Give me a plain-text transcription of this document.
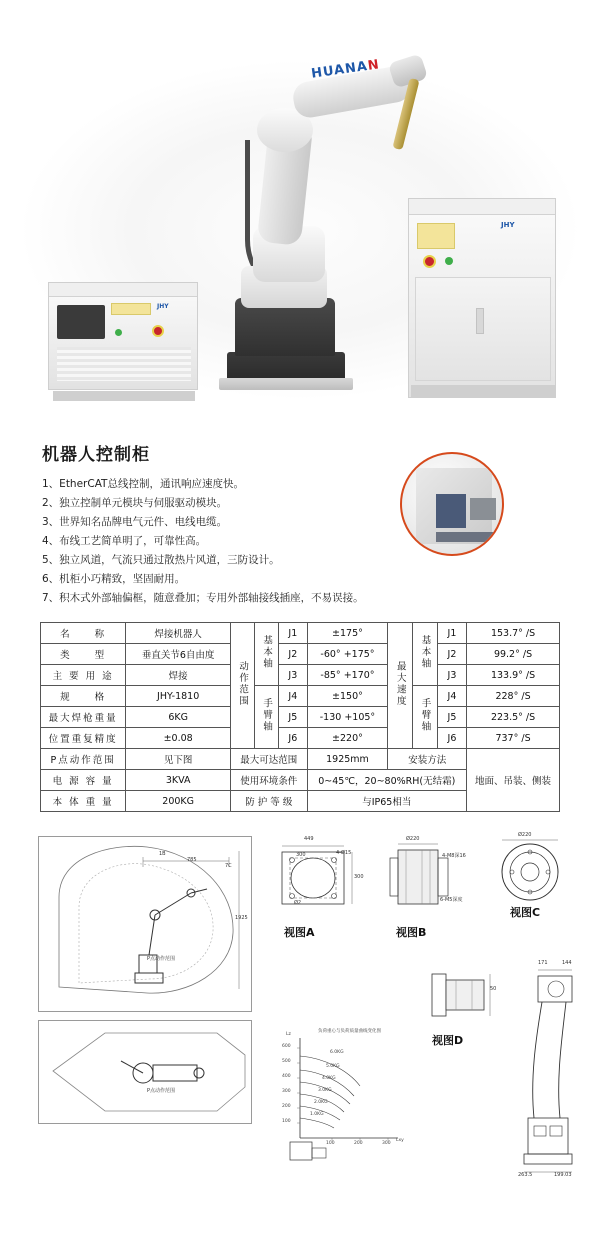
HUANAN
JHY
JHY
机器人控制柜
1、EtherCAT总线控制，通讯响应速度快。
2、独立控制单元模块与伺服驱动模块。
3、世界知名品牌电气元件、电线电缆。
4、布线工艺简单明了，可靠性高。
5、独立风道，气流只通过散热片风道，三防设计。
6、机柜小巧精致，坚固耐用。
7、积木式外部轴偏框，随意叠加；专用外部轴接线插座，不易误接。
名　　称	焊接机器人	动作范围	基本轴	J1	±175°	最大速度	基本轴	J1	153.7° /S
类　　型	垂直关节6自由度			J2	-60° +175°			J2	99.2° /S
主 要 用 途	焊接			J3	-85° +170°			J3	133.9° /S
规　　格	JHY-1810		手臂轴	J4	±150°		手臂轴	J4	228° /S
最大焊枪重量	6KG			J5	-130 +105°			J5	223.5° /S
位置重复精度	±0.08			J6	±220°			J6	737° /S
P点动作范围	见下图	最大可达范围			1925mm	安装方法			地面、吊装、侧装
电 源 容 量	3KVA	使用环境条件			0~45℃，20~80%RH(无结霜)				
本 体 重 量	200KG	防 护 等 级			与IP65相当				
1B
785
7C
1925
P点动作范围
P点动作范围
449
300	4-Ø15
300
Ø2
视图A
Ø220
4-M8深16
6-M5深度
视图B
Ø220
视图C
50
视图D
负荷重心与负荷质量曲线变化图
Lz
Lxy
600
500
400
300
200
100
100	200	300
6.0KG
5.0KG
4.0KG
3.0KG
2.0KG
1.0KG
171	144
263.5	199.03
